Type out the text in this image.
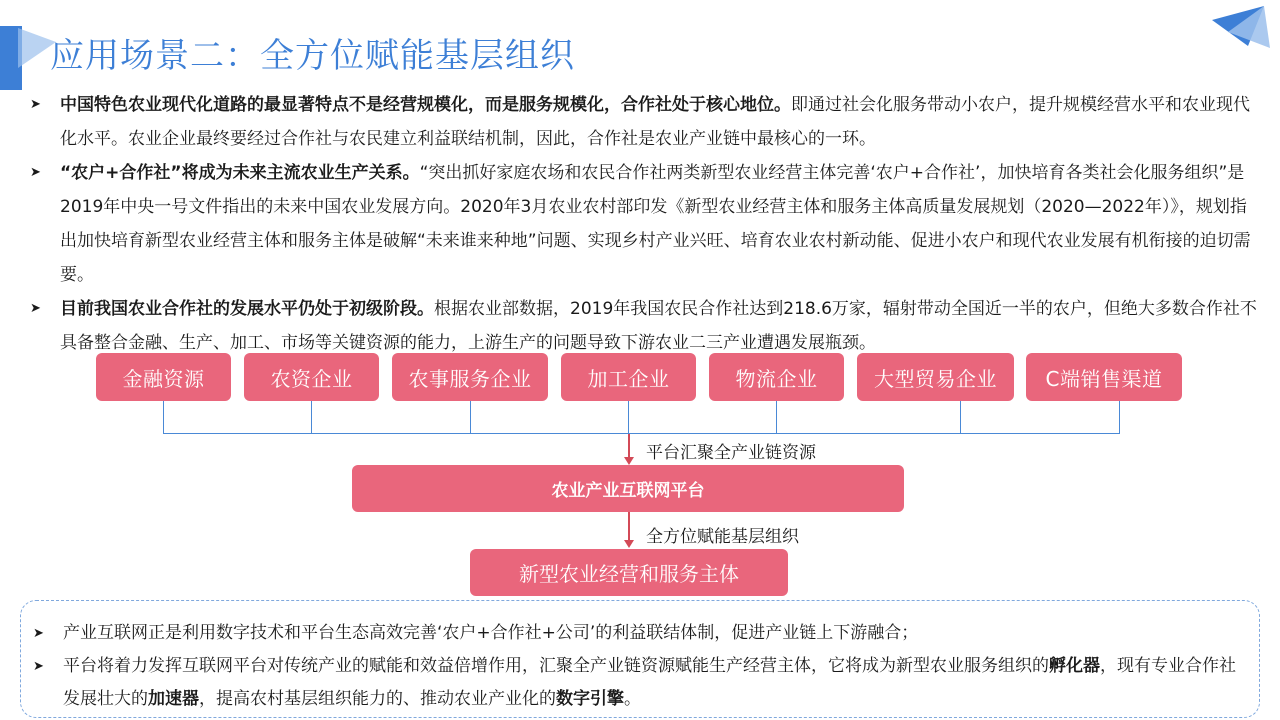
应用场景二：全方位赋能基层组织

➤ 中国特色农业现代化道路的最显著特点不是经营规模化，而是服务规模化，合作社处于核心地位。即通过社会化服务带动小农户，提升规模经营水平和农业现代化水平。农业企业最终要经过合作社与农民建立利益联结机制，因此，合作社是农业产业链中最核心的一环。

➤ “农户+合作社”将成为未来主流农业生产关系。“突出抓好家庭农场和农民合作社两类新型农业经营主体完善‘农户+合作社’，加快培育各类社会化服务组织”是2019年中央一号文件指出的未来中国农业发展方向。2020年3月农业农村部印发《新型农业经营主体和服务主体高质量发展规划（2020—2022年）》，规划指出加快培育新型农业经营主体和服务主体是破解“未来谁来种地”问题、实现乡村产业兴旺、培育农业农村新动能、促进小农户和现代农业发展有机衔接的迫切需要。

➤ 目前我国农业合作社的发展水平仍处于初级阶段。根据农业部数据，2019年我国农民合作社达到218.6万家，辐射带动全国近一半的农户，但绝大多数合作社不具备整合金融、生产、加工、市场等关键资源的能力，上游生产的问题导致下游农业二三产业遭遇发展瓶颈。

金融资源	农资企业	农事服务企业	加工企业	物流企业	大型贸易企业	C端销售渠道
平台汇聚全产业链资源
农业产业互联网平台
全方位赋能基层组织
新型农业经营和服务主体

➤ 产业互联网正是利用数字技术和平台生态高效完善‘农户+合作社+公司’的利益联结体制，促进产业链上下游融合；

➤ 平台将着力发挥互联网平台对传统产业的赋能和效益倍增作用，汇聚全产业链资源赋能生产经营主体，它将成为新型农业服务组织的孵化器，现有专业合作社发展壮大的加速器，提高农村基层组织能力的、推动农业产业化的数字引擎。
